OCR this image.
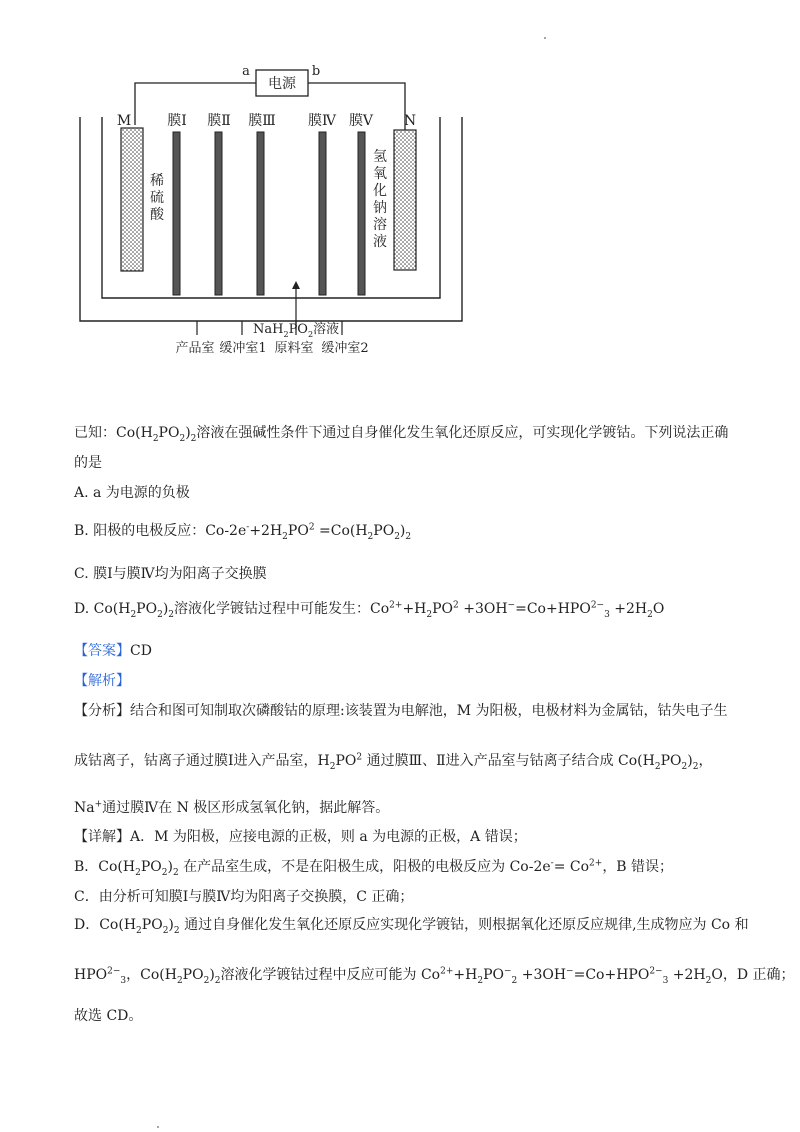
电源
a	b
M	N
膜Ⅰ 膜Ⅱ 膜Ⅲ 膜Ⅳ 膜Ⅴ
稀
硫
酸
氢
氧
化
钠
溶
液
$NaH_2PO_2$溶液
产品室 缓冲室1 原料室 缓冲室2
已知：$Co(H_2PO_2)_2$溶液在强碱性条件下通过自身催化发生氧化还原反应，可实现化学镀钴。下列说法正确
的是
A. a 为电源的负极
B. 阳极的电极反应：$Co-2e^-+2H_2PO^2 =Co(H_2PO_2)_2$
C. 膜Ⅰ与膜Ⅳ均为阳离子交换膜
D. $Co(H_2PO_2)_2$溶液化学镀钴过程中可能发生：$Co^{2+}+H_2PO^2 +3OH^-=Co+HPO^{2-}_3 +2H_2O$
【答案】CD
【解析】
【分析】结合和图可知制取次磷酸钴的原理:该装置为电解池，M 为阳极，电极材料为金属钴，钴失电子生
成钴离子，钴离子通过膜Ⅰ进入产品室，$H_2PO^2$ 通过膜Ⅲ、Ⅱ进入产品室与钴离子结合成 $Co(H_2PO_2)_2$，
Na+通过膜Ⅳ在 N 极区形成氢氧化钠，据此解答。
【详解】A．M 为阳极，应接电源的正极，则 a 为电源的正极，A 错误；
B．$Co(H_2PO_2)_2$ 在产品室生成，不是在阳极生成，阳极的电极反应为 $Co-2e^-= Co^{2+}$，B 错误；
C．由分析可知膜Ⅰ与膜Ⅳ均为阳离子交换膜，C 正确；
D．$Co(H_2PO_2)_2$ 通过自身催化发生氧化还原反应实现化学镀钴，则根据氧化还原反应规律,生成物应为 Co 和
$HPO^{2-}_3$，$Co(H_2PO_2)_2$溶液化学镀钴过程中反应可能为 $Co^{2+}+H_2PO^-_2 +3OH^-=Co+HPO^{2-}_3 +2H_2O$，D 正确；
故选 CD。
